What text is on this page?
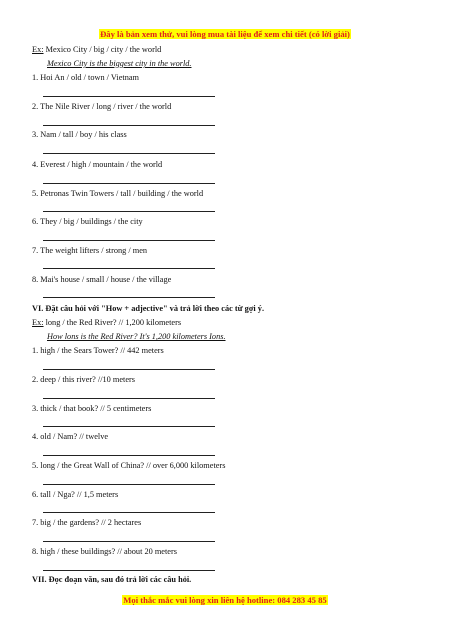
Đây là bản xem thử, vui lòng mua tài liệu để xem chi tiết (có lời giải)
Ex: Mexico City / big / city / the world
Mexico City is the biggest city in the world.
1. Hoi An / old / town / Vietnam
2. The Nile River / long / river / the world
3. Nam / tall / boy / his class
4. Everest / high / mountain / the world
5. Petronas Twin Towers / tall / building / the world
6. They / big / buildings / the city
7. The weight lifters / strong / men
8. Mai's house / small / house / the village
VI. Đặt câu hỏi với "How + adjective" và trả lời theo các từ gợi ý.
Ex: long / the Red River? // 1,200 kilometers
How lons is the Red River? It's 1,200 kilometers Ions.
1. high / the Sears Tower? // 442 meters
2. deep / this river? //10 meters
3. thick / that book? // 5 centimeters
4. old / Nam? // twelve
5. long / the Great Wall of China? // over 6,000 kilometers
6. tall / Nga? // 1,5 meters
7. big / the gardens? // 2 hectares
8. high / these buildings? // about 20 meters
VII. Đọc đoạn văn, sau đó trả lời các câu hỏi.
Mọi thắc mắc vui lòng xin liên hệ hotline: 084 283 45 85
